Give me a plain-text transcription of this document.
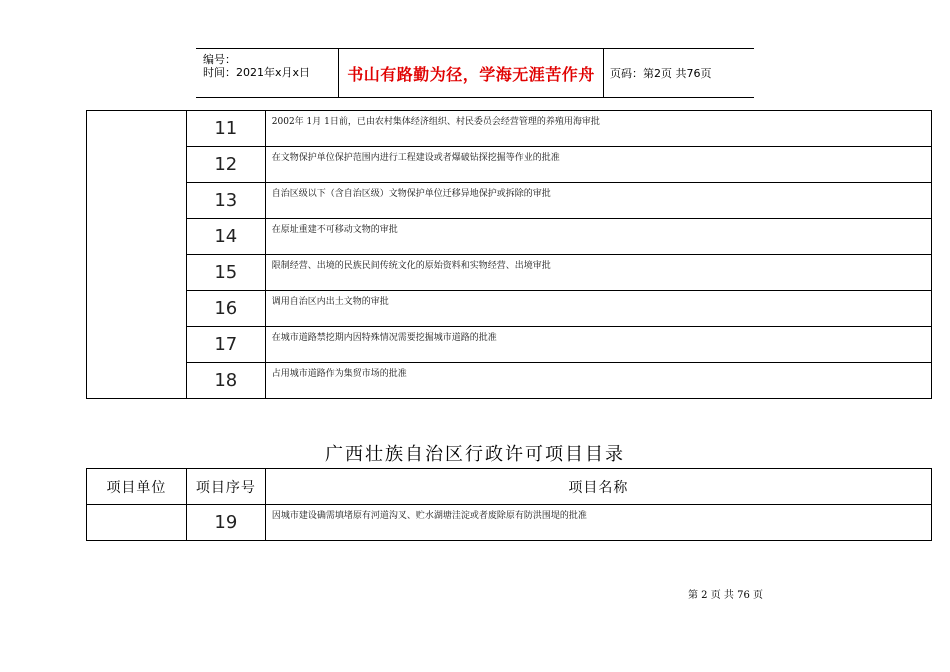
编号：
时间：2021年x月x日	书山有路勤为径，学海无涯苦作舟	页码：第2页 共76页
	11	2002年 1月 1日前，已由农村集体经济组织、村民委员会经营管理的养殖用海审批
	12	在文物保护单位保护范围内进行工程建设或者爆破钻探挖掘等作业的批准
	13	自治区级以下（含自治区级）文物保护单位迁移异地保护或拆除的审批
	14	在原址重建不可移动文物的审批
	15	限制经营、出境的民族民间传统文化的原始资料和实物经营、出境审批
	16	调用自治区内出土文物的审批
	17	在城市道路禁挖期内因特殊情况需要挖掘城市道路的批准
	18	占用城市道路作为集贸市场的批准
广西壮族自治区行政许可项目目录
项目单位	项目序号	项目名称
	19	因城市建设确需填堵原有河道沟叉、贮水湖塘洼淀或者废除原有防洪围堤的批准
第 2 页 共 76 页
